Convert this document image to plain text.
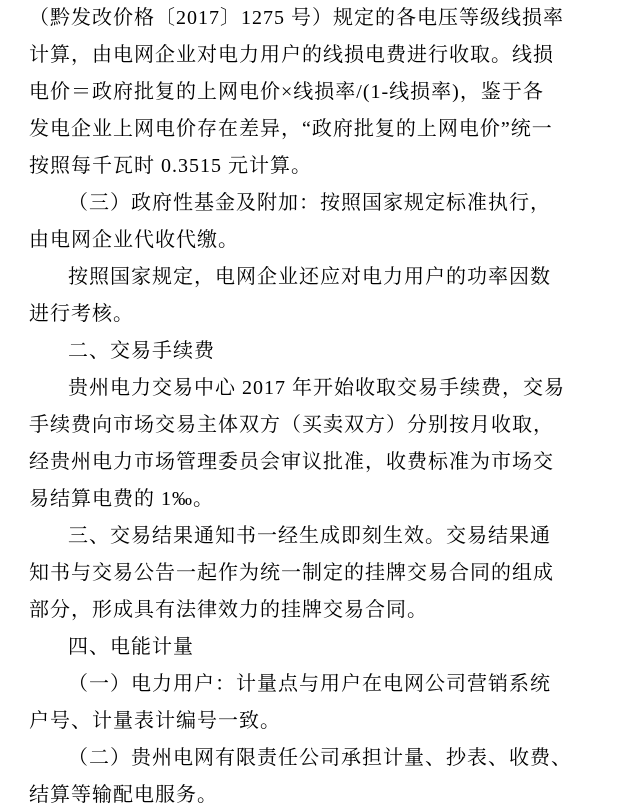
（黔发改价格〔2017〕1275 号）规定的各电压等级线损率
计算，由电网企业对电力用户的线损电费进行收取。线损
电价＝政府批复的上网电价×线损率/(1-线损率)，鉴于各
发电企业上网电价存在差异，“政府批复的上网电价”统一
按照每千瓦时 0.3515 元计算。
（三）政府性基金及附加：按照国家规定标准执行，
由电网企业代收代缴。
按照国家规定，电网企业还应对电力用户的功率因数
进行考核。
二、交易手续费
贵州电力交易中心 2017 年开始收取交易手续费，交易
手续费向市场交易主体双方（买卖双方）分别按月收取，
经贵州电力市场管理委员会审议批准，收费标准为市场交
易结算电费的 1‰。
三、交易结果通知书一经生成即刻生效。交易结果通
知书与交易公告一起作为统一制定的挂牌交易合同的组成
部分，形成具有法律效力的挂牌交易合同。
四、电能计量
（一）电力用户：计量点与用户在电网公司营销系统
户号、计量表计编号一致。
（二）贵州电网有限责任公司承担计量、抄表、收费、
结算等输配电服务。
